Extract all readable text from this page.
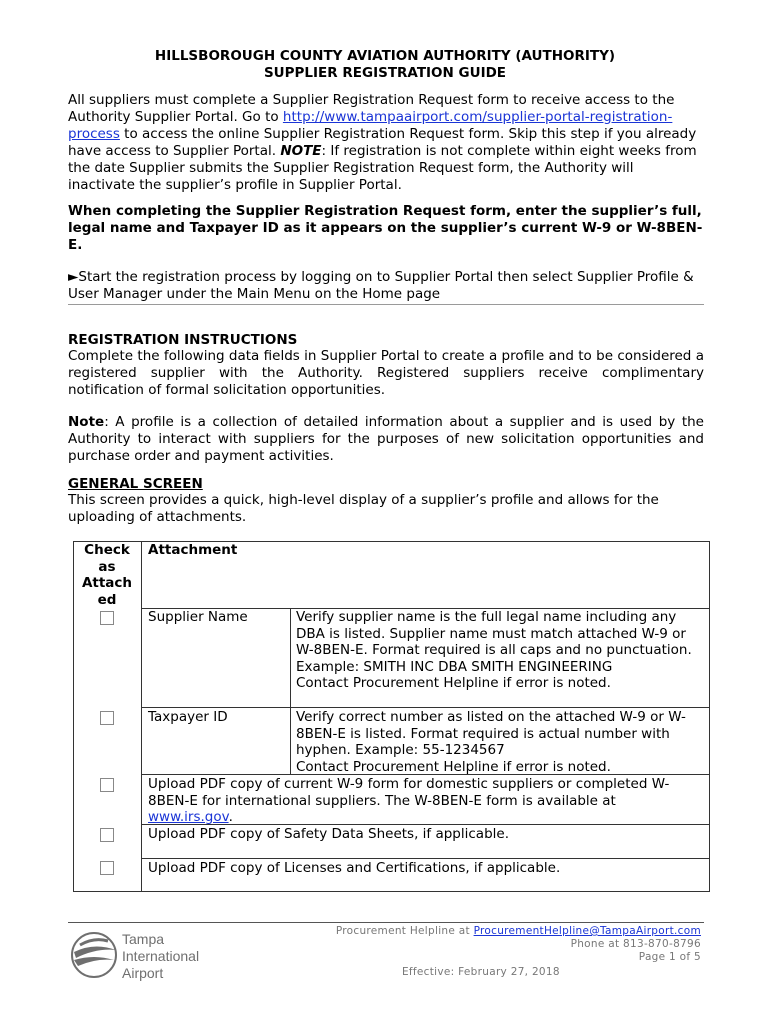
HILLSBOROUGH COUNTY AVIATION AUTHORITY (AUTHORITY)
SUPPLIER REGISTRATION GUIDE
All suppliers must complete a Supplier Registration Request form to receive access to the Authority Supplier Portal. Go to http://www.tampaairport.com/supplier-portal-registration-process to access the online Supplier Registration Request form. Skip this step if you already have access to Supplier Portal. NOTE: If registration is not complete within eight weeks from the date Supplier submits the Supplier Registration Request form, the Authority will inactivate the supplier’s profile in Supplier Portal.
When completing the Supplier Registration Request form, enter the supplier’s full, legal name and Taxpayer ID as it appears on the supplier’s current W-9 or W-8BEN-E.
►Start the registration process by logging on to Supplier Portal then select Supplier Profile & User Manager under the Main Menu on the Home page
REGISTRATION INSTRUCTIONS
Complete the following data fields in Supplier Portal to create a profile and to be considered a registered supplier with the Authority. Registered suppliers receive complimentary notification of formal solicitation opportunities.
Note: A profile is a collection of detailed information about a supplier and is used by the Authority to interact with suppliers for the purposes of new solicitation opportunities and purchase order and payment activities.
GENERAL SCREEN
This screen provides a quick, high-level display of a supplier’s profile and allows for the uploading of attachments.
Check as Attach ed
Attachment
Supplier Name	Verify supplier name is the full legal name including any DBA is listed. Supplier name must match attached W-9 or W-8BEN-E. Format required is all caps and no punctuation.
Example: SMITH INC DBA SMITH ENGINEERING
Contact Procurement Helpline if error is noted.
Taxpayer ID	Verify correct number as listed on the attached W-9 or W-8BEN-E is listed. Format required is actual number with hyphen. Example: 55-1234567
Contact Procurement Helpline if error is noted.
Upload PDF copy of current W-9 form for domestic suppliers or completed W-8BEN-E for international suppliers. The W-8BEN-E form is available at www.irs.gov.
Upload PDF copy of Safety Data Sheets, if applicable.
Upload PDF copy of Licenses and Certifications, if applicable.
Tampa
International
Airport
Procurement Helpline at ProcurementHelpline@TampaAirport.com
Phone at 813-870-8796
Page 1 of 5
Effective: February 27, 2018
